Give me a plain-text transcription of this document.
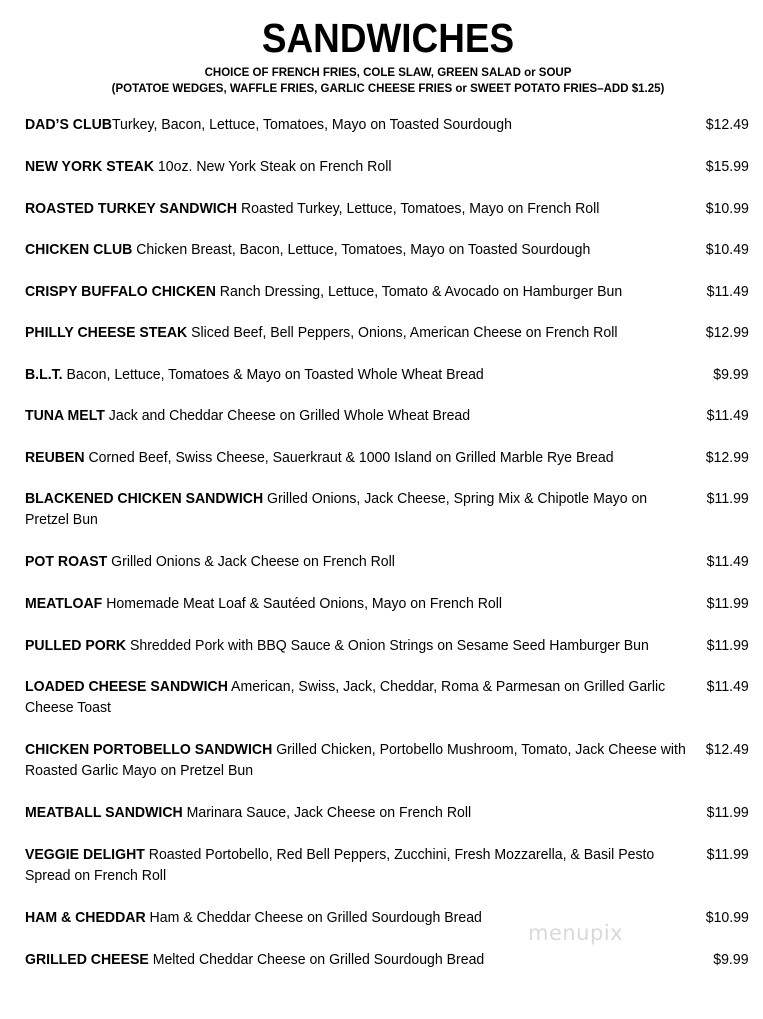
SANDWICHES
CHOICE OF FRENCH FRIES, COLE SLAW, GREEN SALAD or SOUP
(POTATOE WEDGES, WAFFLE FRIES, GARLIC CHEESE FRIES or SWEET POTATO FRIES–ADD $1.25)
DAD’S CLUBTurkey, Bacon, Lettuce, Tomatoes, Mayo on Toasted Sourdough	$12.49
NEW YORK STEAK 10oz. New York Steak on French Roll	$15.99
ROASTED TURKEY SANDWICH Roasted Turkey, Lettuce, Tomatoes, Mayo on French Roll	$10.99
CHICKEN CLUB Chicken Breast, Bacon, Lettuce, Tomatoes, Mayo on Toasted Sourdough	$10.49
CRISPY BUFFALO CHICKEN Ranch Dressing, Lettuce, Tomato & Avocado on Hamburger Bun	$11.49
PHILLY CHEESE STEAK Sliced Beef, Bell Peppers, Onions, American Cheese on French Roll	$12.99
B.L.T. Bacon, Lettuce, Tomatoes & Mayo on Toasted Whole Wheat Bread	$9.99
TUNA MELT Jack and Cheddar Cheese on Grilled Whole Wheat Bread	$11.49
REUBEN Corned Beef, Swiss Cheese, Sauerkraut & 1000 Island on Grilled Marble Rye Bread	$12.99
BLACKENED CHICKEN SANDWICH Grilled Onions, Jack Cheese, Spring Mix & Chipotle Mayo on Pretzel Bun
$11.99
POT ROAST Grilled Onions & Jack Cheese on French Roll	$11.49
MEATLOAF Homemade Meat Loaf & Sautéed Onions, Mayo on French Roll	$11.99
PULLED PORK Shredded Pork with BBQ Sauce & Onion Strings on Sesame Seed Hamburger Bun	$11.99
LOADED CHEESE SANDWICH American, Swiss, Jack, Cheddar, Roma & Parmesan on Grilled Garlic Cheese Toast
$11.49
CHICKEN PORTOBELLO SANDWICH Grilled Chicken, Portobello Mushroom, Tomato, Jack Cheese with Roasted Garlic Mayo on Pretzel Bun
$12.49
MEATBALL SANDWICH Marinara Sauce, Jack Cheese on French Roll	$11.99
VEGGIE DELIGHT Roasted Portobello, Red Bell Peppers, Zucchini, Fresh Mozzarella, & Basil Pesto Spread on French Roll
$11.99
HAM & CHEDDAR Ham & Cheddar Cheese on Grilled Sourdough Bread	$10.99
GRILLED CHEESE Melted Cheddar Cheese on Grilled Sourdough Bread	$9.99
menupix
